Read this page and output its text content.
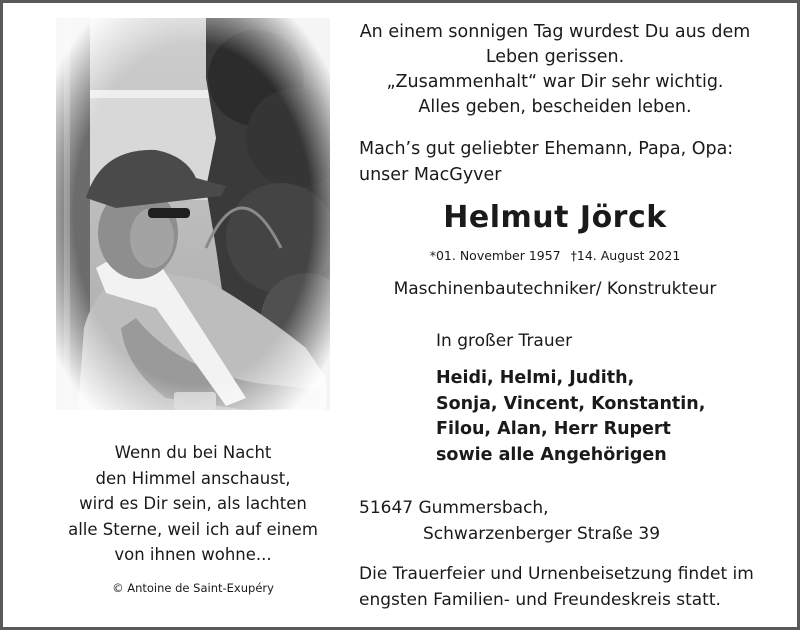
Wenn du bei Nacht
den Himmel anschaust,
wird es Dir sein, als lachten
alle Sterne, weil ich auf einem
von ihnen wohne...
© Antoine de Saint-Exupéry
An einem sonnigen Tag wurdest Du aus dem
Leben gerissen.
„Zusammenhalt“ war Dir sehr wichtig.
Alles geben, bescheiden leben.
Mach’s gut geliebter Ehemann, Papa, Opa:
unser MacGyver
Helmut Jörck
*01. November 1957 †14. August 2021
Maschinenbautechniker/ Konstrukteur
In großer Trauer
Heidi, Helmi, Judith,
Sonja, Vincent, Konstantin,
Filou, Alan, Herr Rupert
sowie alle Angehörigen
51647 Gummersbach,
Schwarzenberger Straße 39
Die Trauerfeier und Urnenbeisetzung findet im
engsten Familien- und Freundeskreis statt.
